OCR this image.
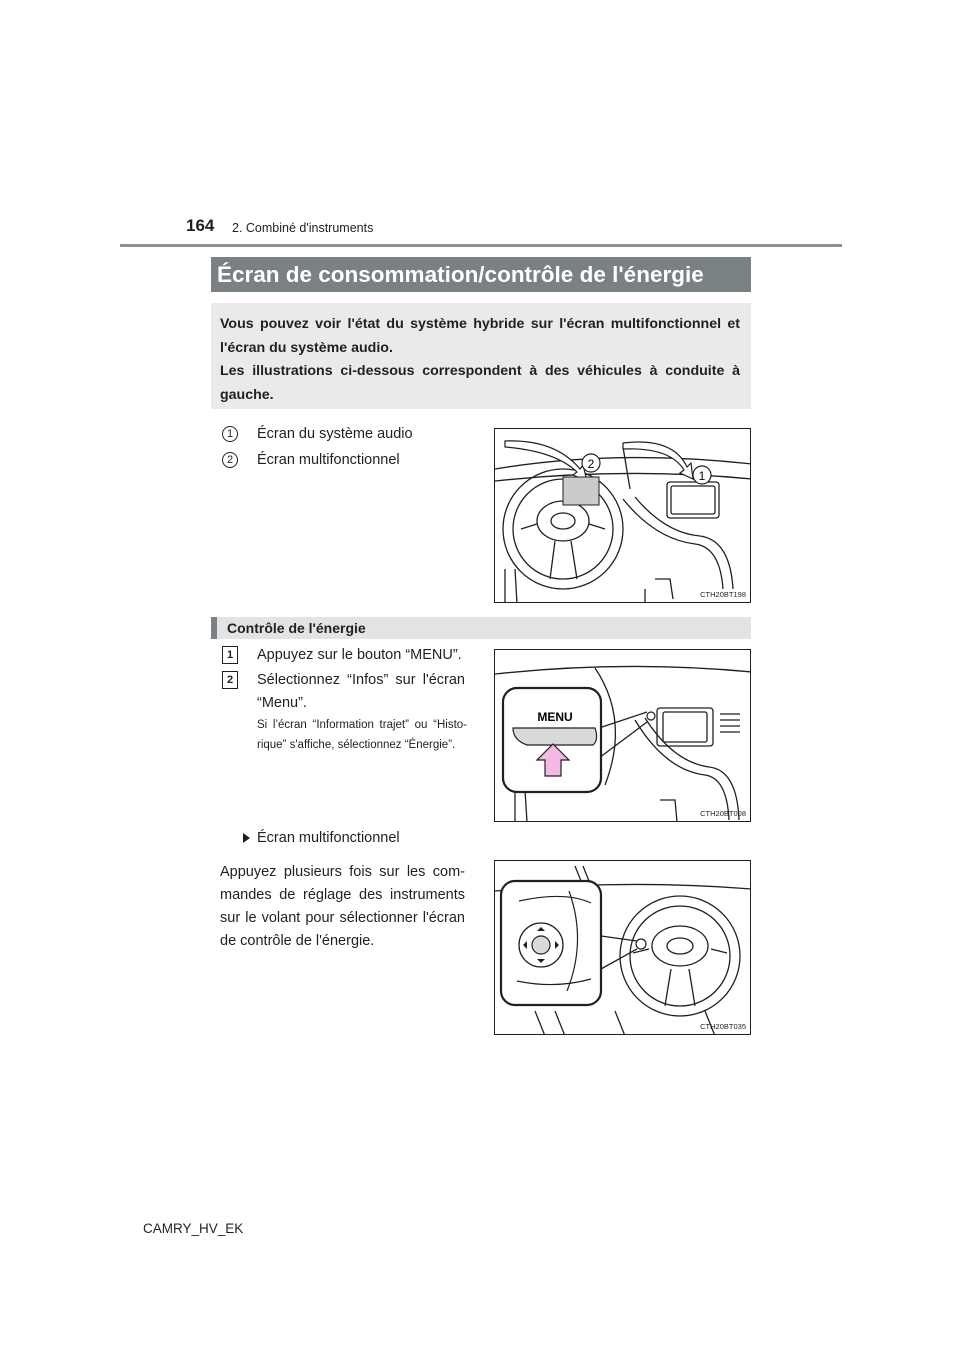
164 2. Combiné d'instruments
Écran de consommation/contrôle de l'énergie
Vous pouvez voir l'état du système hybride sur l'écran multifonctionnel et l'écran du système audio.
Les illustrations ci-dessous correspondent à des véhicules à conduite à gauche.
1	Écran du système audio
2	Écran multifonctionnel	2
1
CTH20BT198
Contrôle de l'énergie
1	Appuyez sur le bouton “MENU”.
2	Sélectionnez “Infos” sur l'écran “Menu”.
Si l’écran “Information trajet” ou “Histo-rique” s'affiche, sélectionnez “Énergie”.
MENU
CTH20BT008
Écran multifonctionnel
Appuyez plusieurs fois sur les com-mandes de réglage des instruments sur le volant pour sélectionner l'écran de contrôle de l'énergie.
CTH20BT035
CAMRY_HV_EK
